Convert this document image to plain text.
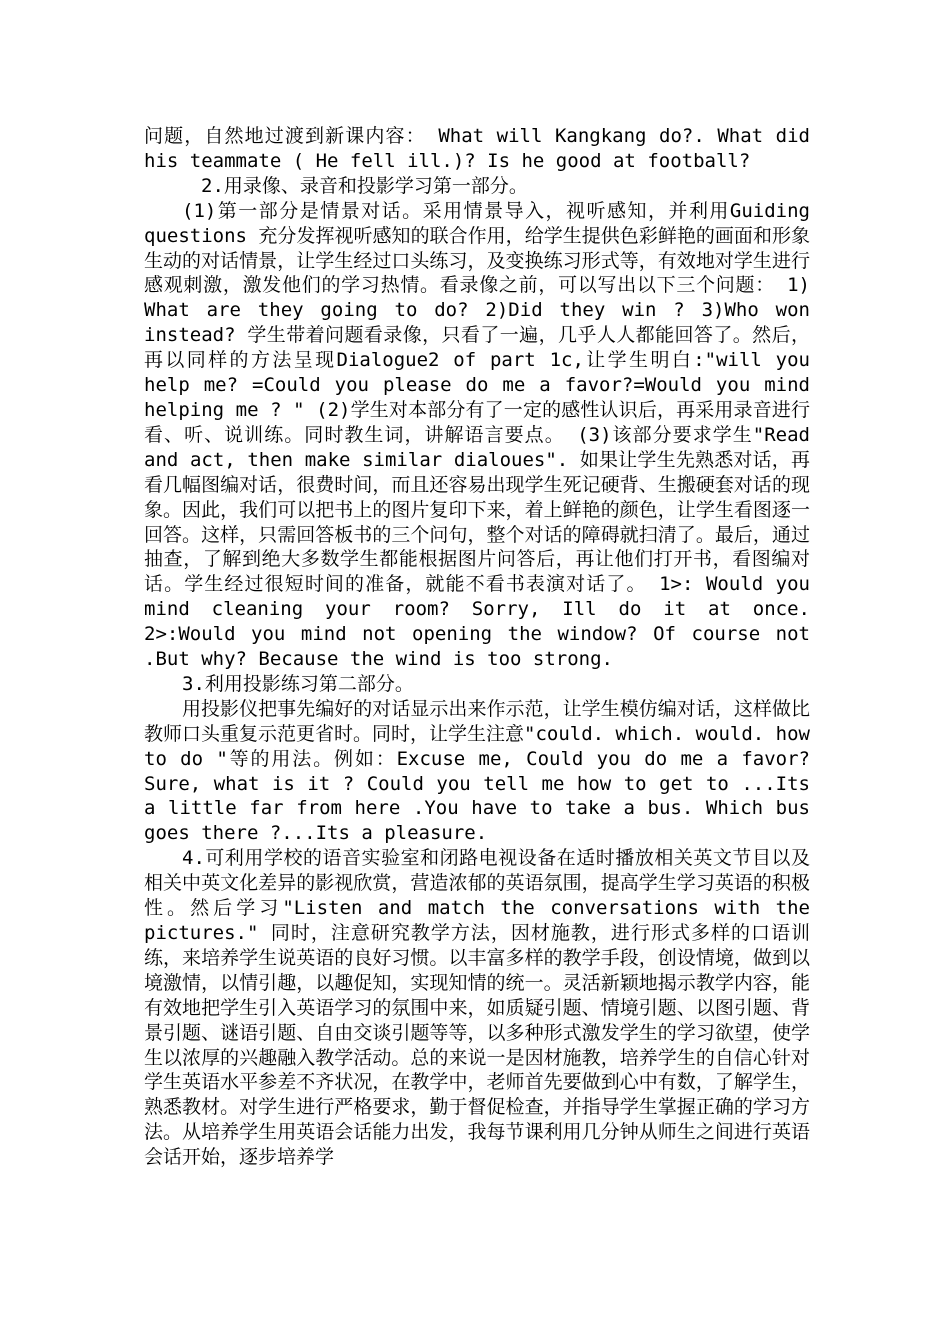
问题，自然地过渡到新课内容： What will Kangkang do?. What did his teammate ( He fell ill.)? Is he good at football?

2.用录像、录音和投影学习第一部分。

(1)第一部分是情景对话。采用情景导入，视听感知，并利用Guiding questions 充分发挥视听感知的联合作用，给学生提供色彩鲜艳的画面和形象生动的对话情景，让学生经过口头练习，及变换练习形式等，有效地对学生进行感观刺激，激发他们的学习热情。看录像之前，可以写出以下三个问题： 1) What are they going to do? 2)Did they win ? 3)Who won instead? 学生带着问题看录像，只看了一遍，几乎人人都能回答了。然后，再以同样的方法呈现Dialogue2 of part 1c,让学生明白:"will you help me? =Could you please do me a favor?=Would you mind helping me ? " (2)学生对本部分有了一定的感性认识后，再采用录音进行看、听、说训练。同时教生词，讲解语言要点。 (3)该部分要求学生"Read and act, then make similar dialoues". 如果让学生先熟悉对话，再看几幅图编对话，很费时间，而且还容易出现学生死记硬背、生搬硬套对话的现象。因此，我们可以把书上的图片复印下来，着上鲜艳的颜色，让学生看图逐一回答。这样，只需回答板书的三个问句，整个对话的障碍就扫清了。最后，通过抽查，了解到绝大多数学生都能根据图片问答后，再让他们打开书，看图编对话。学生经过很短时间的准备，就能不看书表演对话了。 1>: Would you mind cleaning your room? Sorry, Ill do it at once. 2>:Would you mind not opening the window? Of course not .But why? Because the wind is too strong.

3.利用投影练习第二部分。

用投影仪把事先编好的对话显示出来作示范，让学生模仿编对话，这样做比教师口头重复示范更省时。同时，让学生注意"could. which. would. how to do "等的用法。例如：Excuse me, Could you do me a favor? Sure, what is it ? Could you tell me how to get to ...Its a little far from here .You have to take a bus. Which bus goes there ?...Its a pleasure.

4.可利用学校的语音实验室和闭路电视设备在适时播放相关英文节目以及相关中英文化差异的影视欣赏，营造浓郁的英语氛围，提高学生学习英语的积极性。然后学习"Listen and match the conversations with the pictures." 同时，注意研究教学方法，因材施教，进行形式多样的口语训练，来培养学生说英语的良好习惯。以丰富多样的教学手段，创设情境，做到以境激情，以情引趣，以趣促知，实现知情的统一。灵活新颖地揭示教学内容，能有效地把学生引入英语学习的氛围中来，如质疑引题、情境引题、以图引题、背景引题、谜语引题、自由交谈引题等等，以多种形式激发学生的学习欲望，使学生以浓厚的兴趣融入教学活动。总的来说一是因材施教，培养学生的自信心针对学生英语水平参差不齐状况，在教学中，老师首先要做到心中有数，了解学生，熟悉教材。对学生进行严格要求，勤于督促检查，并指导学生掌握正确的学习方法。从培养学生用英语会话能力出发，我每节课利用几分钟从师生之间进行英语会话开始，逐步培养学
